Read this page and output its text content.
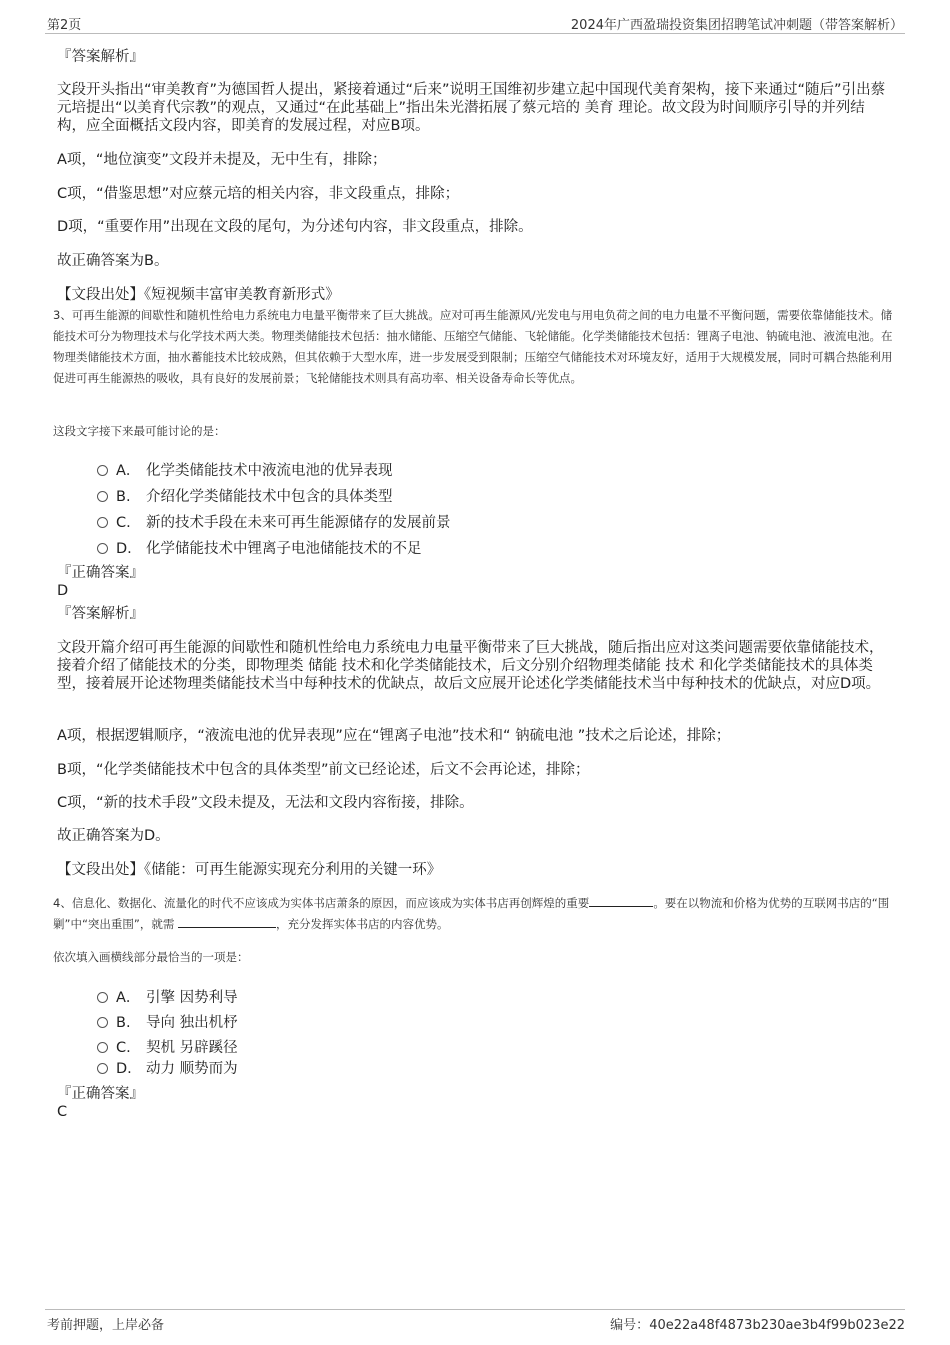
第2页	2024年广西盈瑞投资集团招聘笔试冲刺题（带答案解析）
『答案解析』
文段开头指出“审美教育”为德国哲人提出，紧接着通过“后来”说明王国维初步建立起中国现代美育架构，接下来通过“随后”引出蔡元培提出“以美育代宗教”的观点，又通过“在此基础上”指出朱光潜拓展了蔡元培的 美育 理论。故文段为时间顺序引导的并列结构，应全面概括文段内容，即美育的发展过程，对应B项。
A项，“地位演变”文段并未提及，无中生有，排除；
C项，“借鉴思想”对应蔡元培的相关内容，非文段重点，排除；
D项，“重要作用”出现在文段的尾句，为分述句内容，非文段重点，排除。
故正确答案为B。
【文段出处】《短视频丰富审美教育新形式》
3、可再生能源的间歇性和随机性给电力系统电力电量平衡带来了巨大挑战。应对可再生能源风/光发电与用电负荷之间的电力电量不平衡问题，需要依靠储能技术。储能技术可分为物理技术与化学技术两大类。物理类储能技术包括：抽水储能、压缩空气储能、飞轮储能。化学类储能技术包括：锂离子电池、钠硫电池、液流电池。在物理类储能技术方面，抽水蓄能技术比较成熟，但其依赖于大型水库，进一步发展受到限制；压缩空气储能技术对环境友好，适用于大规模发展，同时可耦合热能利用促进可再生能源热的吸收，具有良好的发展前景；飞轮储能技术则具有高功率、相关设备寿命长等优点。
这段文字接下来最可能讨论的是：
A． 化学类储能技术中液流电池的优异表现
B. 介绍化学类储能技术中包含的具体类型
C. 新的技术手段在未来可再生能源储存的发展前景
D. 化学储能技术中锂离子电池储能技术的不足
『正确答案』
D
『答案解析』
文段开篇介绍可再生能源的间歇性和随机性给电力系统电力电量平衡带来了巨大挑战，随后指出应对这类问题需要依靠储能技术，接着介绍了储能技术的分类，即物理类 储能 技术和化学类储能技术，后文分别介绍物理类储能 技术 和化学类储能技术的具体类型，接着展开论述物理类储能技术当中每种技术的优缺点，故后文应展开论述化学类储能技术当中每种技术的优缺点，对应D项。
A项，根据逻辑顺序，“液流电池的优异表现”应在“锂离子电池”技术和“ 钠硫电池 ”技术之后论述，排除；
B项，“化学类储能技术中包含的具体类型”前文已经论述，后文不会再论述，排除；
C项，“新的技术手段”文段未提及，无法和文段内容衔接，排除。
故正确答案为D。
【文段出处】《储能：可再生能源实现充分利用的关键一环》
4、信息化、数据化、流量化的时代不应该成为实体书店萧条的原因，而应该成为实体书店再创辉煌的重要	。要在以物流和价格为优势的互联网书店的“围剿”中“突出重围”，就需	，充分发挥实体书店的内容优势。
依次填入画横线部分最恰当的一项是：
A． 引擎 因势利导
B. 导向 独出机杼
C. 契机 另辟蹊径
D. 动力 顺势而为
『正确答案』
C
考前押题，上岸必备	编号：40e22a48f4873b230ae3b4f99b023e22
